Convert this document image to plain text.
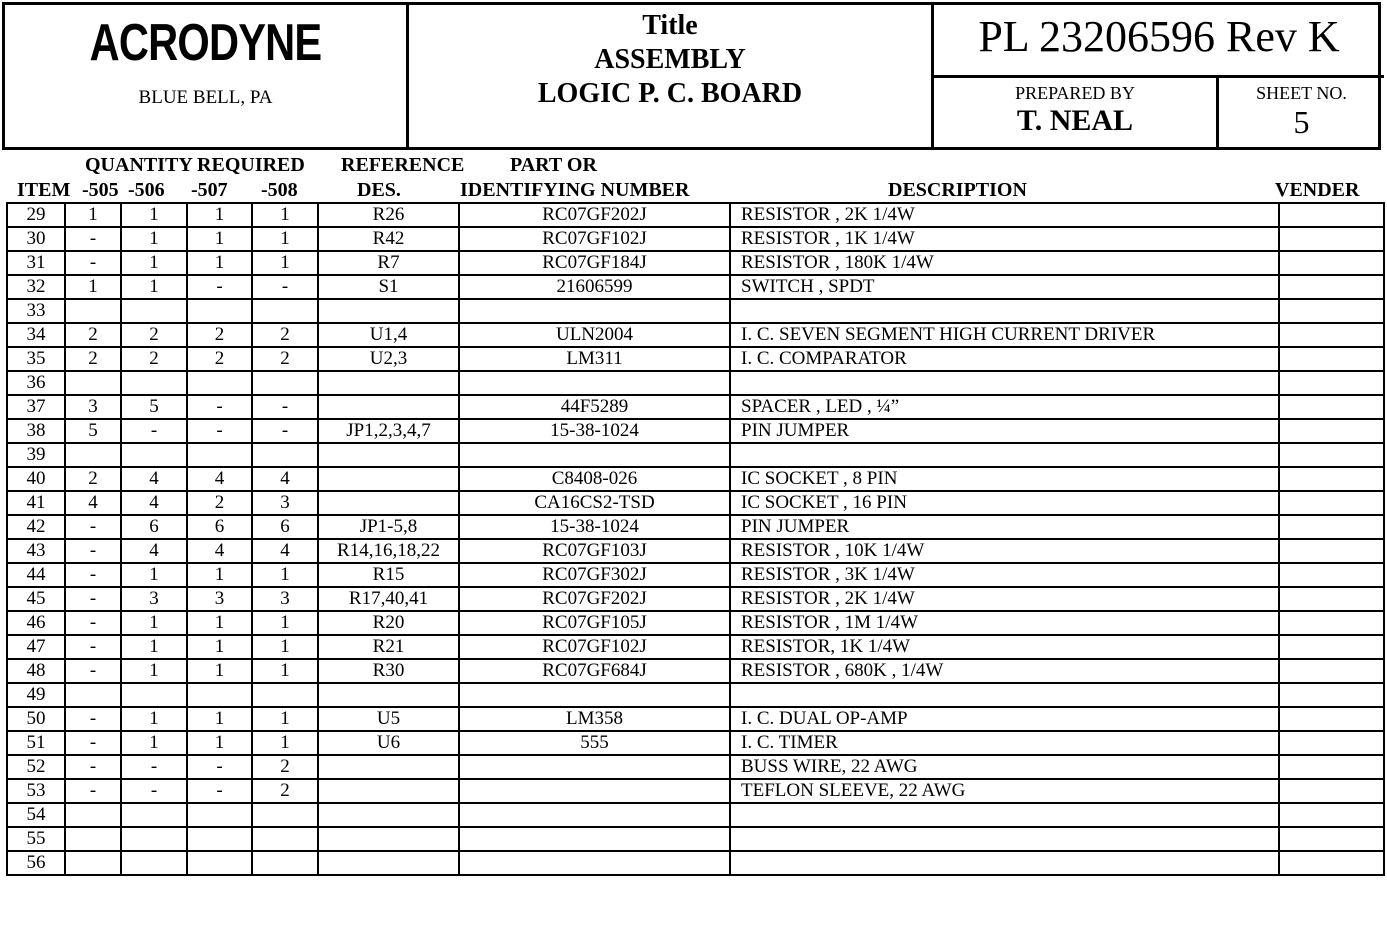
ACRODYNE
BLUE BELL, PA
Title
ASSEMBLY
LOGIC P. C. BOARD
PL 23206596 Rev K
PREPARED BY
T. NEAL
SHEET NO.
5
QUANTITY REQUIRED REFERENCE PART OR
ITEM -505 -506 -507 -508	DES.	IDENTIFYING NUMBER	DESCRIPTION	VENDER
29	1	1	1	1	R26	RC07GF202J	RESISTOR , 2K 1/4W	
30	-	1	1	1	R42	RC07GF102J	RESISTOR , 1K 1/4W	
31	-	1	1	1	R7	RC07GF184J	RESISTOR , 180K 1/4W	
32	1	1	-	-	S1	21606599	SWITCH , SPDT	
33								
34	2	2	2	2	U1,4	ULN2004	I. C. SEVEN SEGMENT HIGH CURRENT DRIVER	
35	2	2	2	2	U2,3	LM311	I. C. COMPARATOR	
36								
37	3	5	-	-		44F5289	SPACER , LED , ¼”	
38	5	-	-	-	JP1,2,3,4,7	15-38-1024	PIN JUMPER	
39								
40	2	4	4	4		C8408-026	IC SOCKET , 8 PIN	
41	4	4	2	3		CA16CS2-TSD	IC SOCKET , 16 PIN	
42	-	6	6	6	JP1-5,8	15-38-1024	PIN JUMPER	
43	-	4	4	4	R14,16,18,22	RC07GF103J	RESISTOR , 10K 1/4W	
44	-	1	1	1	R15	RC07GF302J	RESISTOR , 3K 1/4W	
45	-	3	3	3	R17,40,41	RC07GF202J	RESISTOR , 2K 1/4W	
46	-	1	1	1	R20	RC07GF105J	RESISTOR , 1M 1/4W	
47	-	1	1	1	R21	RC07GF102J	RESISTOR, 1K 1/4W	
48	-	1	1	1	R30	RC07GF684J	RESISTOR , 680K , 1/4W	
49								
50	-	1	1	1	U5	LM358	I. C. DUAL OP-AMP	
51	-	1	1	1	U6	555	I. C. TIMER	
52	-	-	-	2			BUSS WIRE, 22 AWG	
53	-	-	-	2			TEFLON SLEEVE, 22 AWG	
54								
55								
56								
